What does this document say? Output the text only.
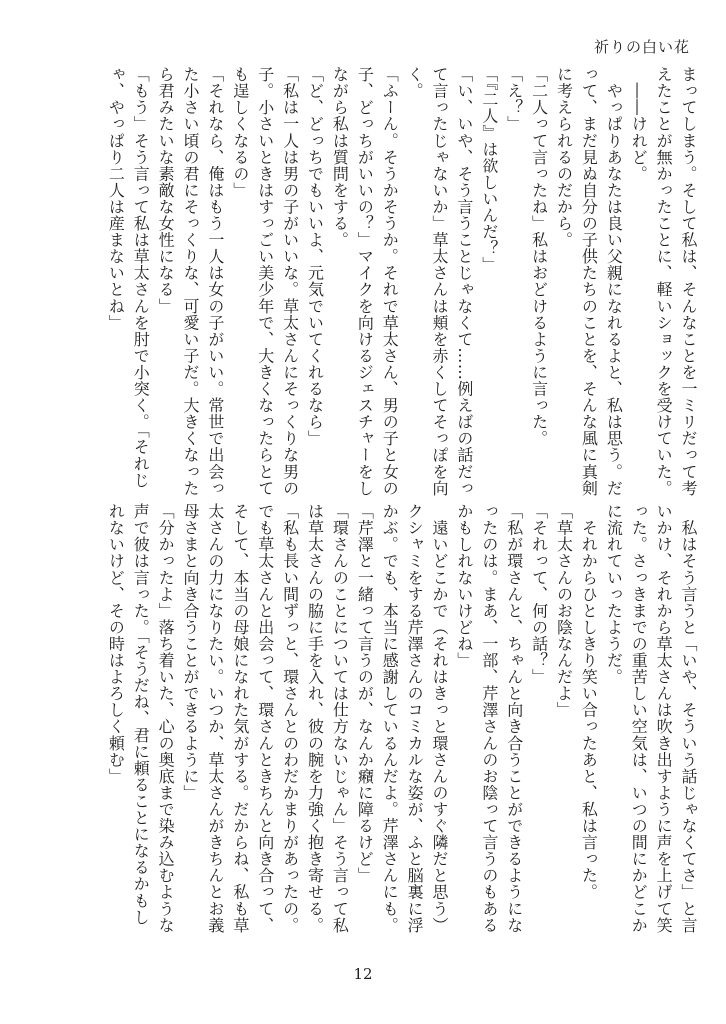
祈りの白い花
まってしまう。そして私は、そんなことを一ミリだって考
えたことが無かったことに、軽いショックを受けていた。
　――けれど。
　やっぱりあなたは良い父親になれるよと、私は思う。だ
って、まだ見ぬ自分の子供たちのことを、そんな風に真剣
に考えられるのだから。
「二人って言ったね」私はおどけるように言った。
「え？」
「『二人』は欲しいんだ？」
「い、いや、そう言うことじゃなくて……例えばの話だっ
て言ったじゃないか」草太さんは頬を赤くしてそっぽを向
く。
「ふーん。そうかそうか。それで草太さん、男の子と女の
子、どっちがいいの？」マイクを向けるジェスチャーをし
ながら私は質問をする。
「ど、どっちでもいいよ、元気でいてくれるなら」
「私は一人は男の子がいいな。草太さんにそっくりな男の
子。小さいときはすっごい美少年で、大きくなったらとて
も逞しくなるの」
「それなら、俺はもう一人は女の子がいい。常世で出会っ
た小さい頃の君にそっくりな、可愛い子だ。大きくなった
ら君みたいな素敵な女性になる」
「もう」そう言って私は草太さんを肘で小突く。「それじ
ゃ、やっぱり二人は産まないとね」
　私はそう言うと「いや、そういう話じゃなくてさ」と言
いかけ、それから草太さんは吹き出すように声を上げて笑
った。さっきまでの重苦しい空気は、いつの間にかどこか
に流れていったようだ。
　それからひとしきり笑い合ったあと、私は言った。
「草太さんのお陰なんだよ」
「それって、何の話？」
「私が環さんと、ちゃんと向き合うことができるようにな
ったのは。まあ、一部、芹澤さんのお陰って言うのもある
かもしれないけどね」
　遠いどこかで（それはきっと環さんのすぐ隣だと思う）
クシャミをする芹澤さんのコミカルな姿が、ふと脳裏に浮
かぶ。でも、本当に感謝しているんだよ。芹澤さんにも。
「芹澤と一緒って言うのが、なんか癪に障るけど」
「環さんのことについては仕方ないじゃん」そう言って私
は草太さんの脇に手を入れ、彼の腕を力強く抱き寄せる。
「私も長い間ずっと、環さんとのわだかまりがあったの。
でも草太さんと出会って、環さんときちんと向き合って、
そして、本当の母娘になれた気がする。だからね、私も草
太さんの力になりたい。いつか、草太さんがきちんとお義
母さまと向き合うことができるように」
「分かったよ」落ち着いた、心の奥底まで染み込むような
声で彼は言った。「そうだね、君に頼ることになるかもし
れないけど、その時はよろしく頼む」
12
